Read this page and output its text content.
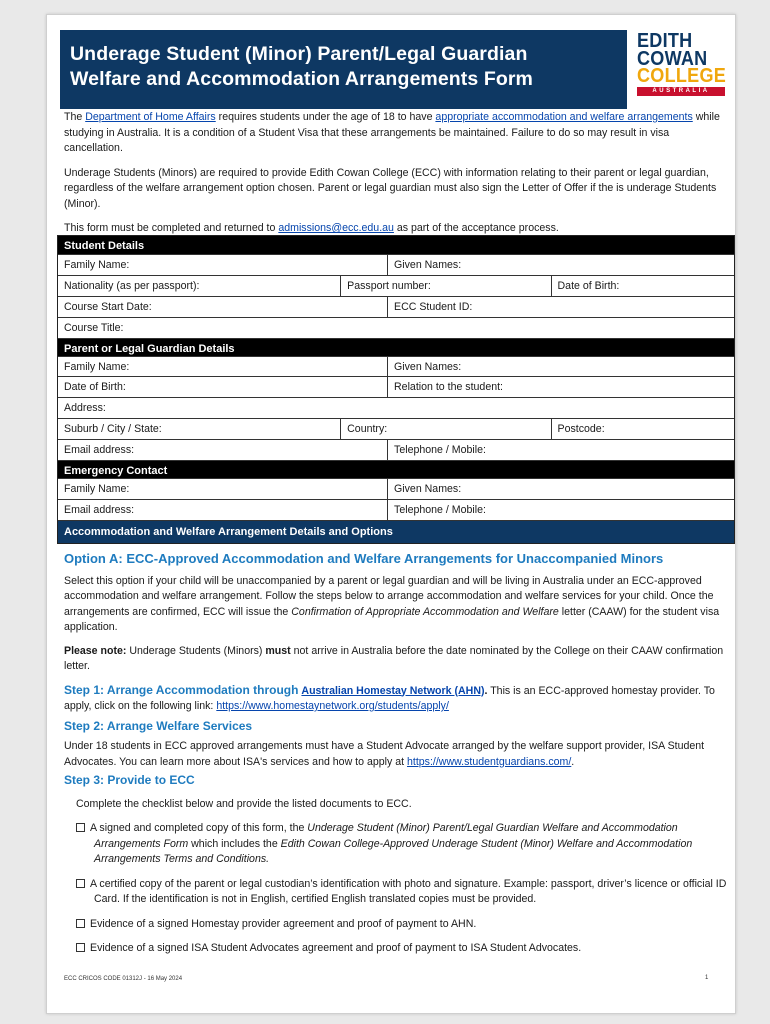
Underage Student (Minor) Parent/Legal Guardian
Welfare and Accommodation Arrangements Form
EDITH
COWAN
COLLEGE
AUSTRALIA

The Department of Home Affairs requires students under the age of 18 to have appropriate accommodation and welfare arrangements while studying in Australia. It is a condition of a Student Visa that these arrangements be maintained. Failure to do so may result in visa cancellation.

Underage Students (Minors) are required to provide Edith Cowan College (ECC) with information relating to their parent or legal guardian, regardless of the welfare arrangement option chosen. Parent or legal guardian must also sign the Letter of Offer if the is underage Students (Minor).

This form must be completed and returned to admissions@ecc.edu.au as part of the acceptance process.

Student Details
Family Name:	Given Names:
Nationality (as per passport):	Passport number:	Date of Birth:
Course Start Date:	ECC Student ID:
Course Title:
Parent or Legal Guardian Details
Family Name:	Given Names:
Date of Birth:	Relation to the student:
Address:
Suburb / City / State:	Country:	Postcode:
Email address:	Telephone / Mobile:
Emergency Contact
Family Name:	Given Names:
Email address:	Telephone / Mobile:
Accommodation and Welfare Arrangement Details and Options
Option A: ECC-Approved Accommodation and Welfare Arrangements for Unaccompanied Minors

Select this option if your child will be unaccompanied by a parent or legal guardian and will be living in Australia under an ECC-approved accommodation and welfare arrangement. Follow the steps below to arrange accommodation and welfare services for your child. Once the arrangements are confirmed, ECC will issue the Confirmation of Appropriate Accommodation and Welfare letter (CAAW) for the student visa application.

Please note: Underage Students (Minors) must not arrive in Australia before the date nominated by the College on their CAAW confirmation letter.

Step 1: Arrange Accommodation through Australian Homestay Network (AHN). This is an ECC-approved homestay provider. To apply, click on the following link: https://www.homestaynetwork.org/students/apply/

Step 2: Arrange Welfare Services

Under 18 students in ECC approved arrangements must have a Student Advocate arranged by the welfare support provider, ISA Student Advocates. You can learn more about ISA's services and how to apply at https://www.studentguardians.com/.

Step 3: Provide to ECC

Complete the checklist below and provide the listed documents to ECC.

A signed and completed copy of this form, the Underage Student (Minor) Parent/Legal Guardian Welfare and Accommodation Arrangements Form which includes the Edith Cowan College-Approved Underage Student (Minor) Welfare and Accommodation Arrangements Terms and Conditions.
A certified copy of the parent or legal custodian’s identification with photo and signature. Example: passport, driver’s licence or official ID Card. If the identification is not in English, certified English translated copies must be provided.
Evidence of a signed Homestay provider agreement and proof of payment to AHN.
Evidence of a signed ISA Student Advocates agreement and proof of payment to ISA Student Advocates.
ECC CRICOS CODE 01312J - 16 May 2024	1
